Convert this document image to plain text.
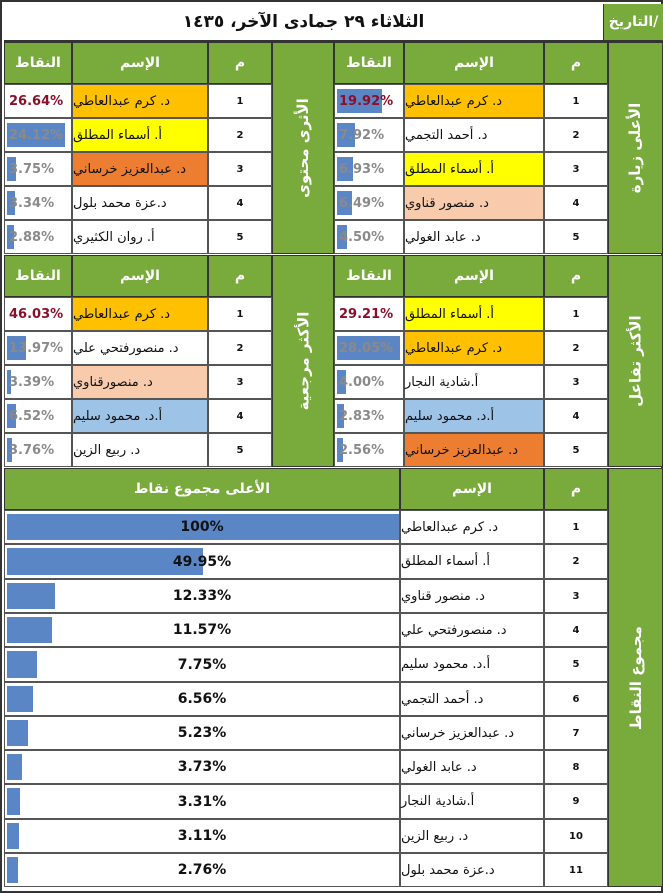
الثلاثاء ٢٩ جمادى الآخر، ١٤٣٥	التاريخ/
الأعلى زيارة
م
الإسم
النقاط
1
د. كرم عبدالعاطي
19.92%
2
د. أحمد التجمي
7.92%
3
أ. أسماء المطلق
6.93%
4
د. منصور قناوي
6.49%
5
د. عابد الغولي
4.50%
الأثرى محتوى
م
الإسم
النقاط
1
د. كرم عبدالعاطي
26.64%
2
أ. أسماء المطلق
24.12%
3
د. عبدالعزيز خرساني
3.75%
4
د.عزة محمد بلول
3.34%
5
أ. روان الكثيري
2.88%
الأكثر تفاعل
م
الإسم
النقاط
1
أ. أسماء المطلق
29.21%
2
د. كرم عبدالعاطي
28.05%
3
أ.شادية النجار
4.00%
4
أ.د. محمود سليم
2.83%
5
د. عبدالعزيز خرساني
2.56%
الأكثر مرجعية
م
الإسم
النقاط
1
د. كرم عبدالعاطي
46.03%
2
د. منصورفتحي علي
13.97%
3
د. منصورقناوي
3.39%
4
أ.د. محمود سليم
6.52%
5
د. ربيع الزين
3.76%
مجموع النقاط
م
الإسم
الأعلى مجموع نقاط
1
د. كرم عبدالعاطي
100%
2
أ. أسماء المطلق
49.95%
3
د. منصور قناوي
12.33%
4
د. منصورفتحي علي
11.57%
5
أ.د. محمود سليم
7.75%
6
د. أحمد التجمي
6.56%
7
د. عبدالعزيز خرساني
5.23%
8
د. عابد الغولي
3.73%
9
أ.شادية النجار
3.31%
10
د. ربيع الزين
3.11%
11
د.عزة محمد بلول
2.76%
